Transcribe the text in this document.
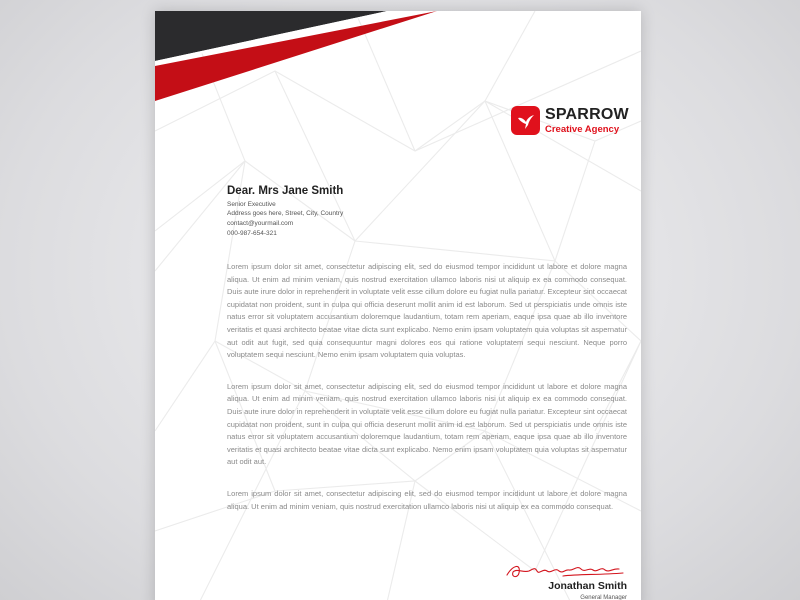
SPARROW
Creative Agency
Dear. Mrs Jane Smith
Senior Executive
Address goes here, Street, City, Country
contact@yourmail.com
000-987-654-321

Lorem ipsum dolor sit amet, consectetur adipiscing elit, sed do eiusmod tempor incididunt ut labore et dolore magna aliqua. Ut enim ad minim veniam, quis nostrud exercitation ullamco laboris nisi ut aliquip ex ea commodo consequat. Duis aute irure dolor in reprehenderit in voluptate velit esse cillum dolore eu fugiat nulla pariatur. Excepteur sint occaecat cupidatat non proident, sunt in culpa qui officia deserunt mollit anim id est laborum. Sed ut perspiciatis unde omnis iste natus error sit voluptatem accusantium doloremque laudantium, totam rem aperiam, eaque ipsa quae ab illo inventore veritatis et quasi architecto beatae vitae dicta sunt explicabo. Nemo enim ipsam voluptatem quia voluptas sit aspernatur aut odit aut fugit, sed quia consequuntur magni dolores eos qui ratione voluptatem sequi nesciunt. Neque porro voluptatem sequi nesciunt. Nemo enim ipsam voluptatem quia voluptas.

Lorem ipsum dolor sit amet, consectetur adipiscing elit, sed do eiusmod tempor incididunt ut labore et dolore magna aliqua. Ut enim ad minim veniam, quis nostrud exercitation ullamco laboris nisi ut aliquip ex ea commodo consequat. Duis aute irure dolor in reprehenderit in voluptate velit esse cillum dolore eu fugiat nulla pariatur. Excepteur sint occaecat cupidatat non proident, sunt in culpa qui officia deserunt mollit anim id est laborum. Sed ut perspiciatis unde omnis iste natus error sit voluptatem accusantium doloremque laudantium, totam rem aperiam, eaque ipsa quae ab illo inventore veritatis et quasi architecto beatae vitae dicta sunt explicabo. Nemo enim ipsam voluptatem quia voluptas sit aspernatur aut odit aut.

Lorem ipsum dolor sit amet, consectetur adipiscing elit, sed do eiusmod tempor incididunt ut labore et dolore magna aliqua. Ut enim ad minim veniam, quis nostrud exercitation ullamco laboris nisi ut aliquip ex ea commodo consequat.

Jonathan Smith
General Manager
